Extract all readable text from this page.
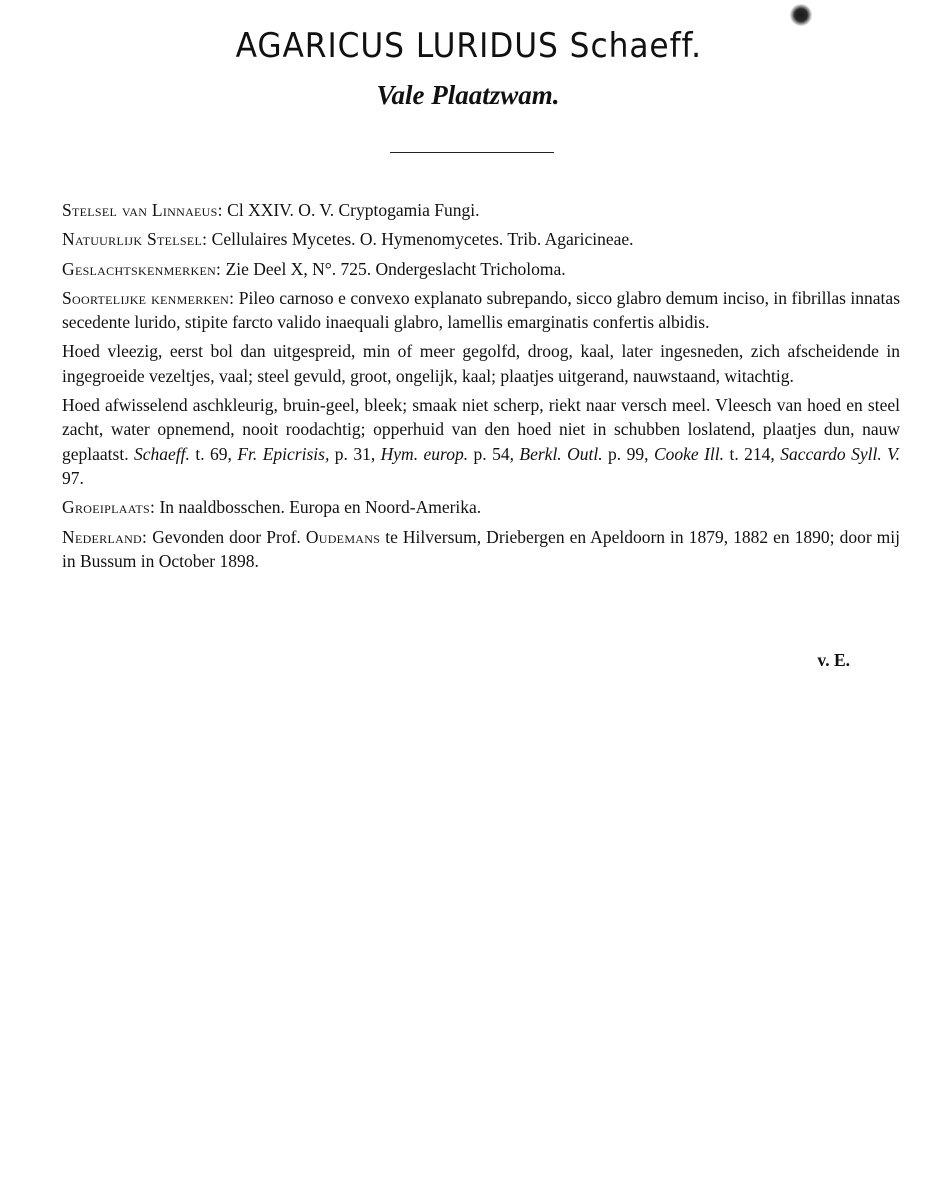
AGARICUS LURIDUS Schaeff.
Vale Plaatzwam.

Stelsel van Linnaeus: Cl XXIV. O. V. Cryptogamia Fungi.

Natuurlijk Stelsel: Cellulaires Mycetes. O. Hymenomycetes. Trib. Agaricineae.

Geslachtskenmerken: Zie Deel X, N°. 725. Ondergeslacht Tricholoma.

Soortelijke kenmerken: Pileo carnoso e convexo explanato subrepando, sicco glabro demum inciso, in fibrillas innatas secedente lurido, stipite farcto valido inaequali glabro, lamellis emarginatis confertis albidis.

Hoed vleezig, eerst bol dan uitgespreid, min of meer gegolfd, droog, kaal, later ingesneden, zich afscheidende in ingegroeide vezeltjes, vaal; steel gevuld, groot, ongelijk, kaal; plaatjes uitgerand, nauwstaand, witachtig.

Hoed afwisselend aschkleurig, bruin-geel, bleek; smaak niet scherp, riekt naar versch meel. Vleesch van hoed en steel zacht, water opnemend, nooit roodachtig; opperhuid van den hoed niet in schubben loslatend, plaatjes dun, nauw geplaatst. Schaeff. t. 69, Fr. Epicrisis, p. 31, Hym. europ. p. 54, Berkl. Outl. p. 99, Cooke Ill. t. 214, Saccardo Syll. V. 97.

Groeiplaats: In naaldbosschen. Europa en Noord-Amerika.

Nederland: Gevonden door Prof. Oudemans te Hilversum, Driebergen en Apeldoorn in 1879, 1882 en 1890; door mij in Bussum in October 1898.

v. E.
